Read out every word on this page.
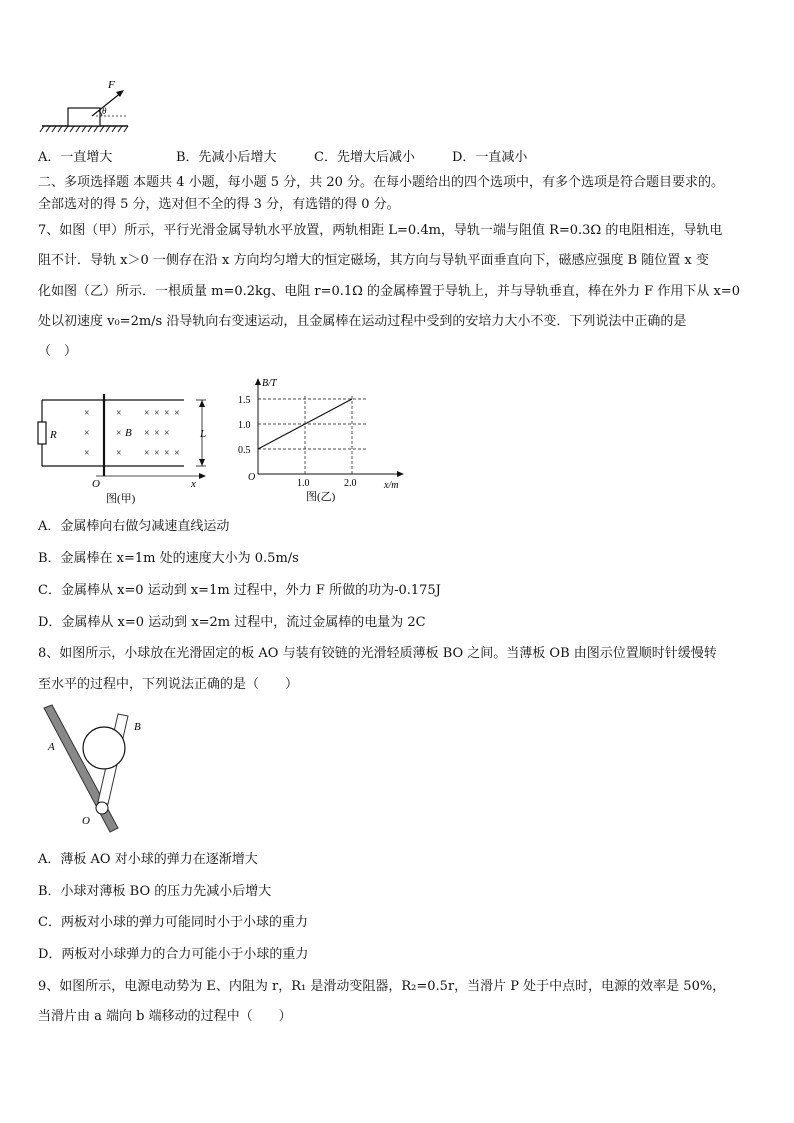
F
θ
A．一直增大	B．先减小后增大	C．先增大后减小	D．一直减小
二、多项选择题 本题共 4 小题，每小题 5 分，共 20 分。在每小题给出的四个选项中，有多个选项是符合题目要求的。
全部选对的得 5 分，选对但不全的得 3 分，有选错的得 0 分。
7、如图（甲）所示，平行光滑金属导轨水平放置，两轨相距 L=0.4m，导轨一端与阻值 R=0.3Ω 的电阻相连，导轨电
阻不计．导轨 x＞0 一侧存在沿 x 方向均匀增大的恒定磁场，其方向与导轨平面垂直向下，磁感应强度 B 随位置 x 变
化如图（乙）所示．一根质量 m=0.2kg、电阻 r=0.1Ω 的金属棒置于导轨上，并与导轨垂直，棒在外力 F 作用下从 x=0
处以初速度 v₀=2m/s 沿导轨向右变速运动，且金属棒在运动过程中受到的安培力大小不变．下列说法中正确的是
（　）
R
×
×
×
×
×
×
× × × ×
× × × ×
× × ×
B	L
O	x
图(甲)
B/T
x/m
O
1.5
1.0
0.5
1.0	2.0
图(乙)
A．金属棒向右做匀减速直线运动
B．金属棒在 x=1m 处的速度大小为 0.5m/s
C．金属棒从 x=0 运动到 x=1m 过程中，外力 F 所做的功为-0.175J
D．金属棒从 x=0 运动到 x=2m 过程中，流过金属棒的电量为 2C
8、如图所示，小球放在光滑固定的板 AO 与装有铰链的光滑轻质薄板 BO 之间。当薄板 OB 由图示位置顺时针缓慢转
至水平的过程中，下列说法正确的是（　　）
A
B
O
A．薄板 AO 对小球的弹力在逐渐增大
B．小球对薄板 BO 的压力先减小后增大
C．两板对小球的弹力可能同时小于小球的重力
D．两板对小球弹力的合力可能小于小球的重力
9、如图所示，电源电动势为 E、内阻为 r，R₁ 是滑动变阻器，R₂=0.5r，当滑片 P 处于中点时，电源的效率是 50%，
当滑片由 a 端向 b 端移动的过程中（　　）
